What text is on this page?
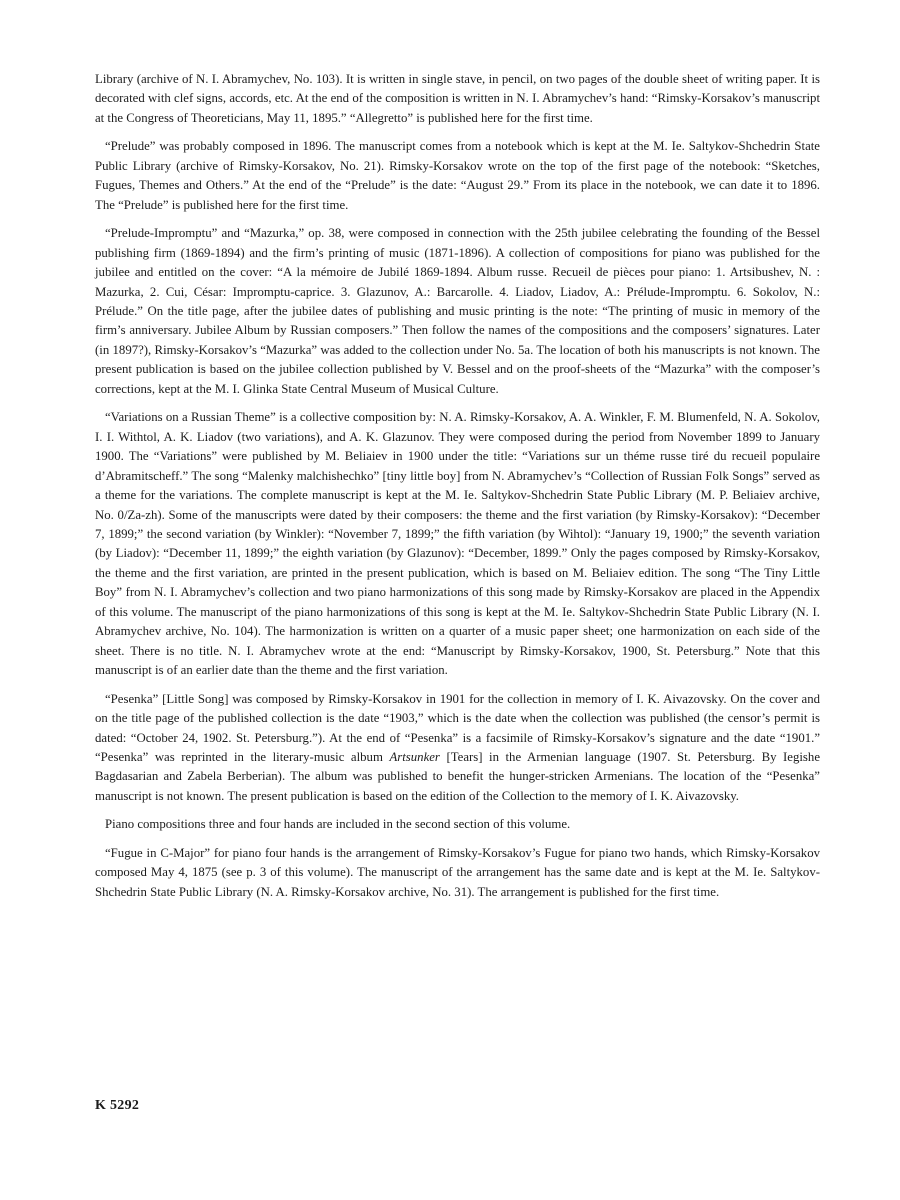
Library (archive of N. I. Abramychev, No. 103). It is written in single stave, in pencil, on two pages of the double sheet of writing paper. It is decorated with clef signs, accords, etc. At the end of the composition is written in N. I. Abramychev’s hand: “Rimsky-Korsakov’s manuscript at the Congress of Theoreticians, May 11, 1895.” “Allegretto” is published here for the first time.

“Prelude” was probably composed in 1896. The manuscript comes from a notebook which is kept at the M. Ie. Saltykov-Shchedrin State Public Library (archive of Rimsky-Korsakov, No. 21). Rimsky-Korsakov wrote on the top of the first page of the notebook: “Sketches, Fugues, Themes and Others.” At the end of the “Prelude” is the date: “August 29.” From its place in the notebook, we can date it to 1896. The “Prelude” is published here for the first time.

“Prelude-Impromptu” and “Mazurka,” op. 38, were composed in connection with the 25th jubilee celebrating the founding of the Bessel publishing firm (1869-1894) and the firm’s printing of music (1871-1896). A collection of compositions for piano was published for the jubilee and entitled on the cover: “A la mémoire de Jubilé 1869-1894. Album russe. Recueil de pièces pour piano: 1. Artsibushev, N. : Mazurka, 2. Cui, César: Impromptu-caprice. 3. Glazunov, A.: Barcarolle. 4. Liadov, Liadov, A.: Prélude-Impromptu. 6. Sokolov, N.: Prélude.” On the title page, after the jubilee dates of publishing and music printing is the note: “The printing of music in memory of the firm’s anniversary. Jubilee Album by Russian composers.” Then follow the names of the compositions and the composers’ signatures. Later (in 1897?), Rimsky-Korsakov’s “Mazurka” was added to the collection under No. 5a. The location of both his manuscripts is not known. The present publication is based on the jubilee collection published by V. Bessel and on the proof-sheets of the “Mazurka” with the composer’s corrections, kept at the M. I. Glinka State Central Museum of Musical Culture.

“Variations on a Russian Theme” is a collective composition by: N. A. Rimsky-Korsakov, A. A. Winkler, F. M. Blumenfeld, N. A. Sokolov, I. I. Withtol, A. K. Liadov (two variations), and A. K. Glazunov. They were composed during the period from November 1899 to January 1900. The “Variations” were published by M. Beliaiev in 1900 under the title: “Variations sur un théme russe tiré du recueil populaire d’Abramitscheff.” The song “Malenky malchishechko” [tiny little boy] from N. Abramychev’s “Collection of Russian Folk Songs” served as a theme for the variations. The complete manuscript is kept at the M. Ie. Saltykov-Shchedrin State Public Library (M. P. Beliaiev archive, No. 0/Za-zh). Some of the manuscripts were dated by their composers: the theme and the first variation (by Rimsky-Korsakov): “December 7, 1899;” the second variation (by Winkler): “November 7, 1899;” the fifth variation (by Wihtol): “January 19, 1900;” the seventh variation (by Liadov): “December 11, 1899;” the eighth variation (by Glazunov): “December, 1899.” Only the pages composed by Rimsky-Korsakov, the theme and the first variation, are printed in the present publication, which is based on M. Beliaiev edition. The song “The Tiny Little Boy” from N. I. Abramychev’s collection and two piano harmonizations of this song made by Rimsky-Korsakov are placed in the Appendix of this volume. The manuscript of the piano harmonizations of this song is kept at the M. Ie. Saltykov-Shchedrin State Public Library (N. I. Abramychev archive, No. 104). The harmonization is written on a quarter of a music paper sheet; one harmonization on each side of the sheet. There is no title. N. I. Abramychev wrote at the end: “Manuscript by Rimsky-Korsakov, 1900, St. Petersburg.” Note that this manuscript is of an earlier date than the theme and the first variation.

“Pesenka” [Little Song] was composed by Rimsky-Korsakov in 1901 for the collection in memory of I. K. Aivazovsky. On the cover and on the title page of the published collection is the date “1903,” which is the date when the collection was published (the censor’s permit is dated: “October 24, 1902. St. Petersburg.”). At the end of “Pesenka” is a facsimile of Rimsky-Korsakov’s signature and the date “1901.” “Pesenka” was reprinted in the literary-music album Artsunker [Tears] in the Armenian language (1907. St. Petersburg. By Iegishe Bagdasarian and Zabela Berberian). The album was published to benefit the hunger-stricken Armenians. The location of the “Pesenka” manuscript is not known. The present publication is based on the edition of the Collection to the memory of I. K. Aivazovsky.

Piano compositions three and four hands are included in the second section of this volume.

“Fugue in C-Major” for piano four hands is the arrangement of Rimsky-Korsakov’s Fugue for piano two hands, which Rimsky-Korsakov composed May 4, 1875 (see p. 3 of this volume). The manuscript of the arrangement has the same date and is kept at the M. Ie. Saltykov-Shchedrin State Public Library (N. A. Rimsky-Korsakov archive, No. 31). The arrangement is published for the first time.

K 5292
